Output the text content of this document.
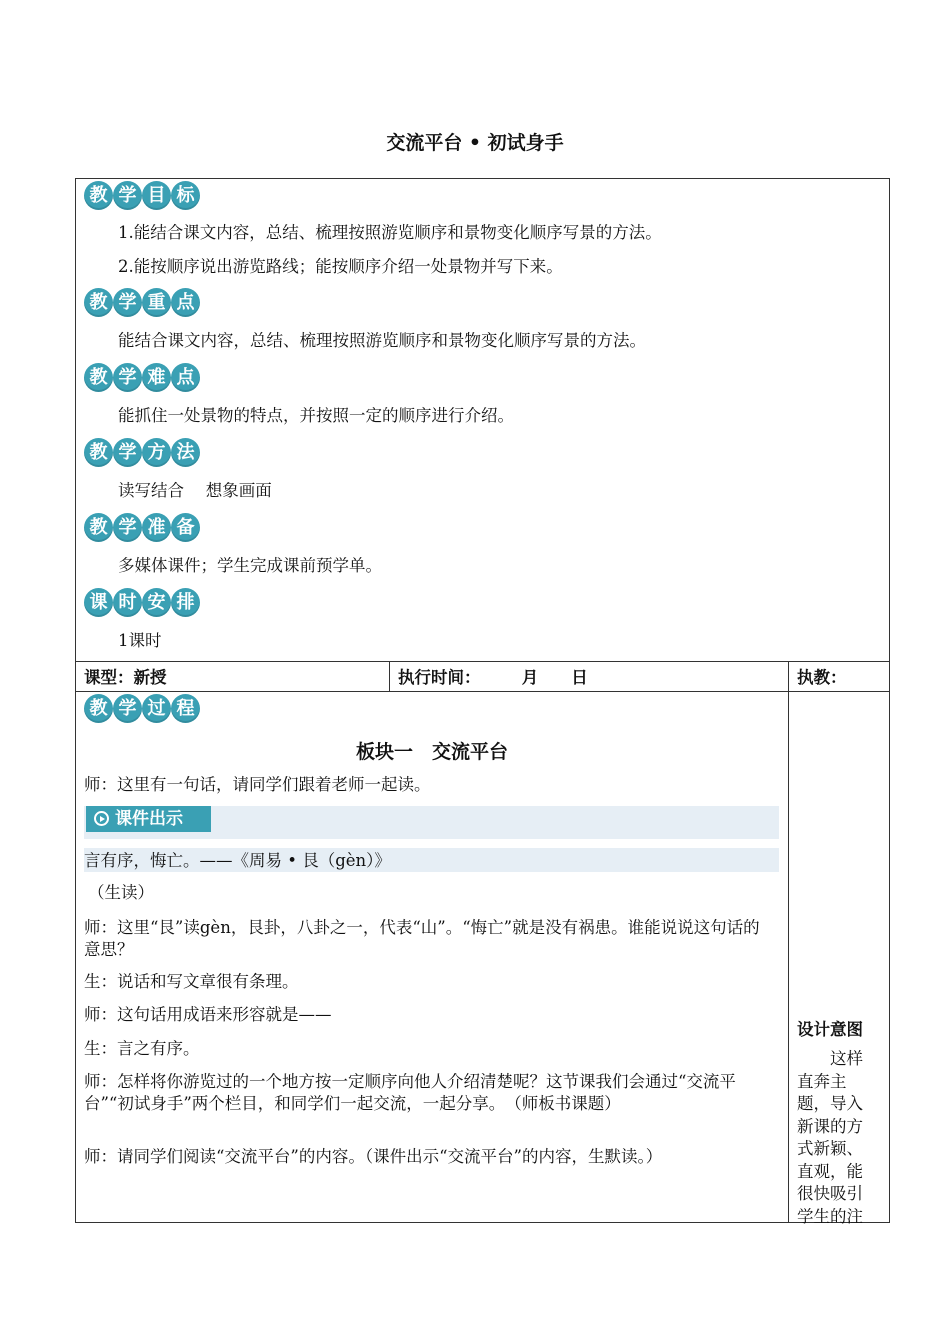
交流平台 • 初试身手
教 学 目 标
1.能结合课文内容，总结、梳理按照游览顺序和景物变化顺序写景的方法。
2.能按顺序说出游览路线；能按顺序介绍一处景物并写下来。
教 学 重 点
能结合课文内容，总结、梳理按照游览顺序和景物变化顺序写景的方法。
教 学 难 点
能抓住一处景物的特点，并按照一定的顺序进行介绍。
教 学 方 法
读写结合　 想象画面
教 学 准 备
多媒体课件；学生完成课前预学单。
课 时 安 排
1课时
课型：新授	执行时间：　　　月　　日	执教：
教 学 过 程
板块一　交流平台
师：这里有一句话，请同学们跟着老师一起读。
课件出示
言有序，悔亡。——《周易 • 艮（gèn）》
（生读）
师：这里“艮”读gèn，艮卦，八卦之一，代表“山”。“悔亡”就是没有祸患。谁能说说这句话的意思？
生：说话和写文章很有条理。
师：这句话用成语来形容就是——
生：言之有序。
师：怎样将你游览过的一个地方按一定顺序向他人介绍清楚呢？这节课我们会通过“交流平台”“初试身手”两个栏目，和同学们一起交流，一起分享。　（师板书课题）
师：请同学们阅读“交流平台”的内容。（课件出示“交流平台”的内容，生默读。）
设计意图
　　这样直奔主题，导入新课的方式新颖、直观，能很快吸引学生的注
